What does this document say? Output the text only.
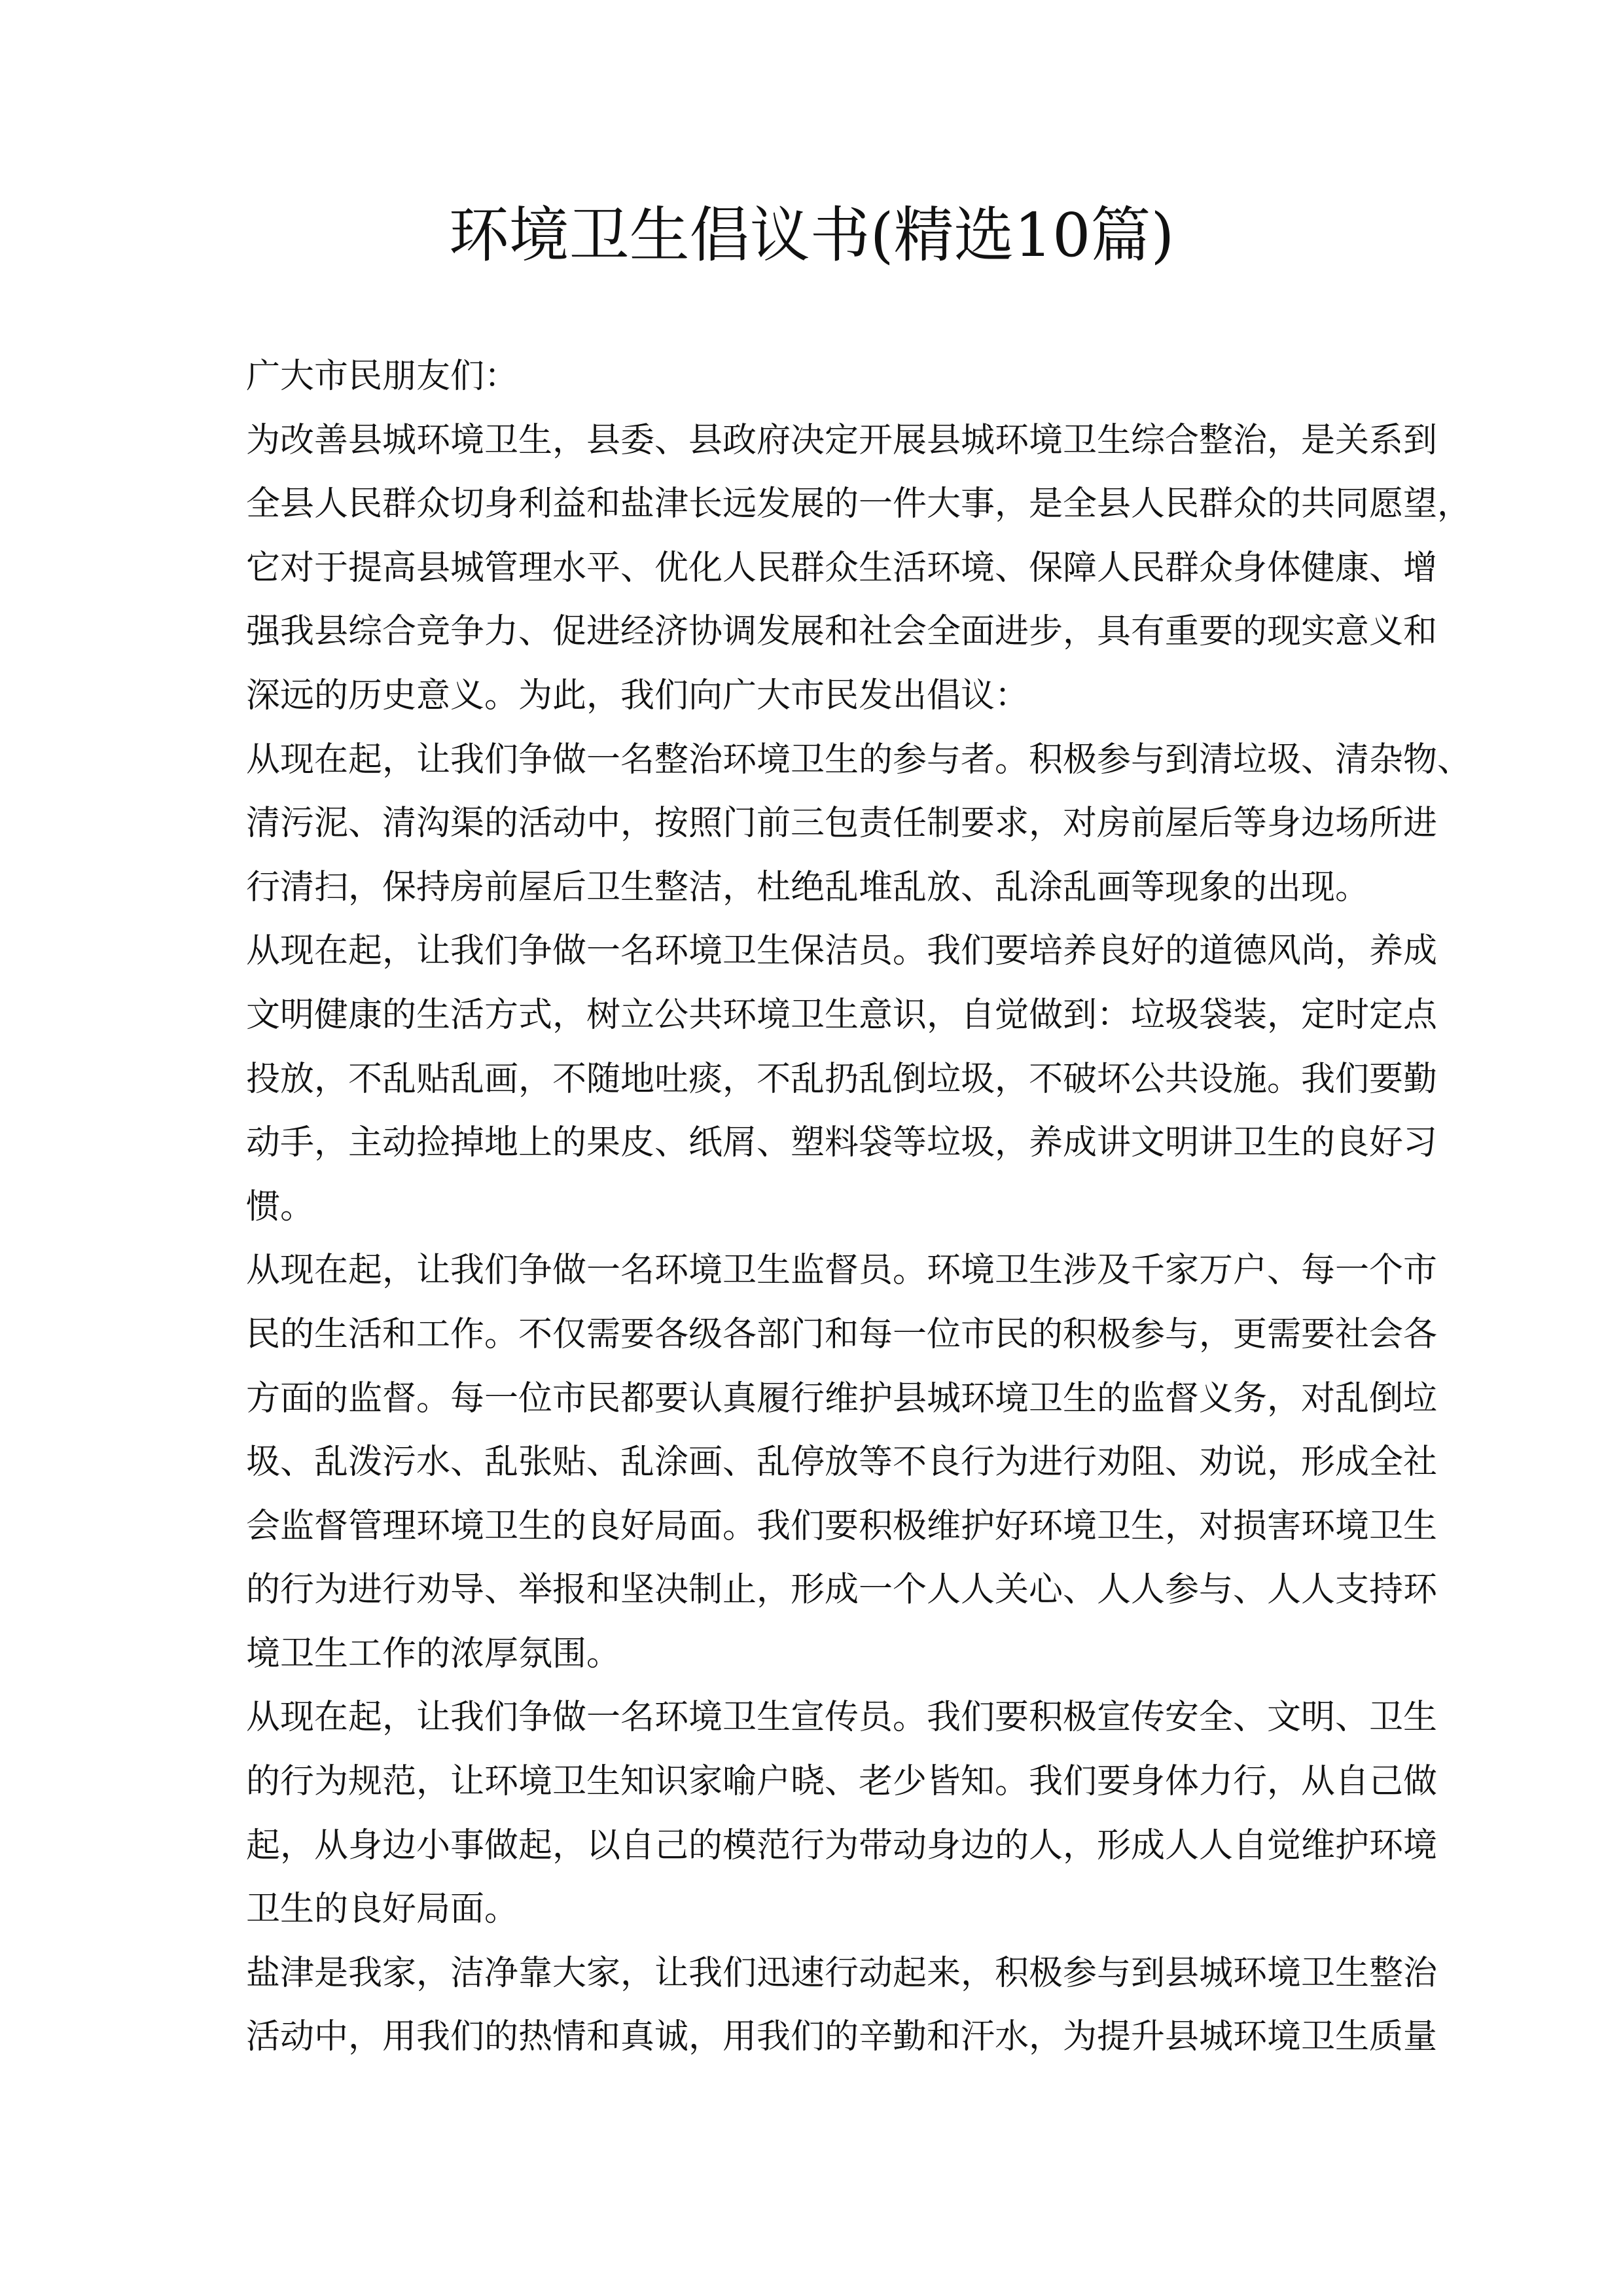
环境卫生倡议书(精选10篇)
广大市民朋友们：
为改善县城环境卫生，县委、县政府决定开展县城环境卫生综合整治，是关系到
全县人民群众切身利益和盐津长远发展的一件大事，是全县人民群众的共同愿望，
它对于提高县城管理水平、优化人民群众生活环境、保障人民群众身体健康、增
强我县综合竞争力、促进经济协调发展和社会全面进步，具有重要的现实意义和
深远的历史意义。为此，我们向广大市民发出倡议：
从现在起，让我们争做一名整治环境卫生的参与者。积极参与到清垃圾、清杂物、
清污泥、清沟渠的活动中，按照门前三包责任制要求，对房前屋后等身边场所进
行清扫，保持房前屋后卫生整洁，杜绝乱堆乱放、乱涂乱画等现象的出现。
从现在起，让我们争做一名环境卫生保洁员。我们要培养良好的道德风尚，养成
文明健康的生活方式，树立公共环境卫生意识，自觉做到：垃圾袋装，定时定点
投放，不乱贴乱画，不随地吐痰，不乱扔乱倒垃圾，不破坏公共设施。我们要勤
动手，主动捡掉地上的果皮、纸屑、塑料袋等垃圾，养成讲文明讲卫生的良好习
惯。
从现在起，让我们争做一名环境卫生监督员。环境卫生涉及千家万户、每一个市
民的生活和工作。不仅需要各级各部门和每一位市民的积极参与，更需要社会各
方面的监督。每一位市民都要认真履行维护县城环境卫生的监督义务，对乱倒垃
圾、乱泼污水、乱张贴、乱涂画、乱停放等不良行为进行劝阻、劝说，形成全社
会监督管理环境卫生的良好局面。我们要积极维护好环境卫生，对损害环境卫生
的行为进行劝导、举报和坚决制止，形成一个人人关心、人人参与、人人支持环
境卫生工作的浓厚氛围。
从现在起，让我们争做一名环境卫生宣传员。我们要积极宣传安全、文明、卫生
的行为规范，让环境卫生知识家喻户晓、老少皆知。我们要身体力行，从自己做
起，从身边小事做起，以自己的模范行为带动身边的人，形成人人自觉维护环境
卫生的良好局面。
盐津是我家，洁净靠大家，让我们迅速行动起来，积极参与到县城环境卫生整治
活动中，用我们的热情和真诚，用我们的辛勤和汗水，为提升县城环境卫生质量
